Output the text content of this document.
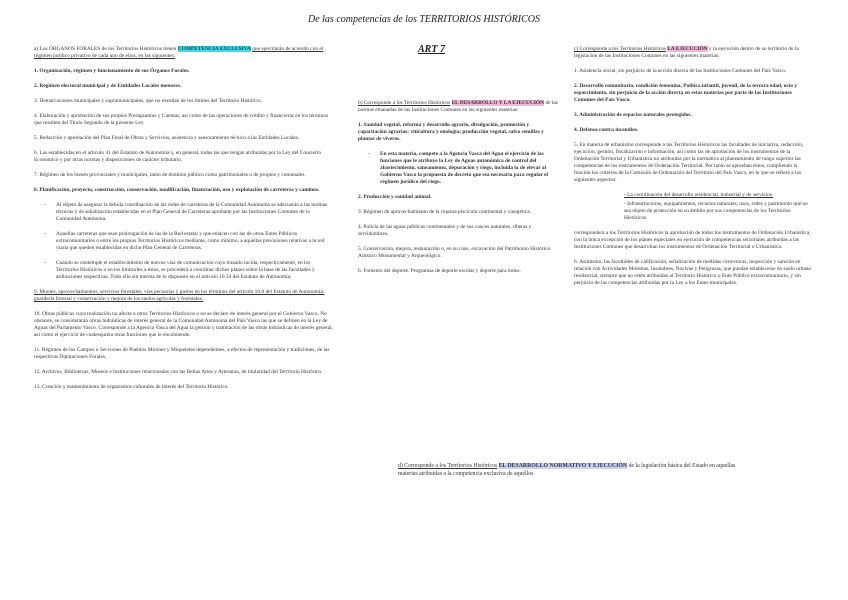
De las competencias de los TERRITORIOS HISTÓRICOS
ART 7

a) Los ÓRGANOS FORALES de los Territorios Históricos tienen COMPETENCIA EXCLUSIVA que ejercitarán de acuerdo con el régimen jurídico privativo de cada uno de ellos, en las siguientes:

1. Organización, régimen y funcionamiento de sus Órganos Forales.

2. Régimen electoral municipal y de Entidades Locales menores.

3. Demarcaciones municipales y supramunicipales, que no excedan de los límites del Territorio Histórico.

4. Elaboración y aprobación de sus propios Presupuestos y Cuentas, así como de las operaciones de crédito y financieras en los términos que resulten del Título Segundo de la presente Ley.

5. Redacción y aprobación del Plan Foral de Obras y Servicios, asistencia y asesoramiento técnico a las Entidades Locales.

6. Las establecidas en el artículo 41 del Estatuto de Autonomía y, en general, todas las que tengan atribuidas por la Ley del Concierto Económico y por otras normas y disposiciones de carácter tributario.

7. Régimen de los bienes provinciales y municipales, tanto de dominio público como patrimoniales o de propios y comunales.

8. Planificación, proyecto, construcción, conservación, modificación, financiación, uso y explotación de carreteras y caminos.

- Al objeto de asegurar la debida coordinación de las redes de carreteras de la Comunidad Autónoma se adecuarán a las normas técnicas y de señalización establecidas en el Plan General de Carreteras aprobado por las Instituciones Comunes de la Comunidad Autónoma.
- Aquellas carreteras que sean prolongación de las de la Red estatal y que enlacen con las de otros Entes Públicos extracomunitarios o entre los propios Territorios Históricos mediante, como mínimo, a aquellas previsiones relativas a la red viaria que queden establecidas en dicho Plan General de Carreteras.
- Cuando se contemple el establecimiento de nuevas vías de comunicación cuyo trazado incida, respectivamente, en los Territorios Históricos o en los limítrofes a éstos, se procederá a coordinar dichos planes sobre la base de las facultades y atribuciones respectivas. Todo ello sin merma de lo dispuesto en el artículo 10.34 del Estatuto de Autonomía.

9. Montes, aprovechamientos, servicios forestales, vías pecuarias y pastos en los términos del artículo 10.8 del Estatuto de Autonomía; guardería forestal y conservación y mejora de los suelos agrícolas y forestales.

10. Obras públicas cuya realización no afecte a otros Territorios Históricos o no se declare de interés general por el Gobierno Vasco. No obstante, se considerarán obras hidráulicas de interés general de la Comunidad Autónoma del País Vasco las que se definen en la Ley de Aguas del Parlamento Vasco. Corresponde a la Agencia Vasca del Agua la gestión y tramitación de las obras hidráulicas de interés general, así como el ejercicio de cualesquiera otras funciones que le encomiende.

11. Régimen de los Campos o Secciones de Pueblos Mirones y Miqueletes dependientes, a efectos de representación y tradiciones, de las respectivas Diputaciones Forales.

12. Archivos, Bibliotecas, Museos e Instituciones relacionadas con las Bellas Artes y Artesanía, de titularidad del Territorio Histórico.

13. Creación y mantenimiento de organismos culturales de interés del Territorio Histórico.

b) Corresponde a los Territorios Históricos EL DESARROLLO Y LA EJECUCIÓN de las normas emanadas de las Instituciones Comunes en las siguientes materias:

1. Sanidad vegetal, reforma y desarrollo agrario, divulgación, promoción y capacitación agrarias; viticultura y enología; producción vegetal, salvo semillas y plantas de viveros.

- En esta materia, compete a la Agencia Vasca del Agua el ejercicio de las funciones que le atribuye la Ley de Aguas autonómica de control del abastecimiento, saneamiento, depuración y riego, incluida la de elevar al Gobierno Vasco la propuesta de decreto que sea necesaria para regular el régimen jurídico del riego.

2. Producción y sanidad animal.

3. Régimen de aprovechamiento de la riqueza piscícola continental y cinegética.

4. Policía de las aguas públicas continentales y de sus cauces naturales, riberas y servidumbres.

5. Conservación, mejora, restauración o, en su caso, excavación del Patrimonio Histórico Artístico Monumental y Arqueológico.

6. Fomento del deporte. Programas de deporte escolar y deporte para todos.

d) Corresponde a los Territorios Históricos EL DESARROLLO NORMATIVO Y EJECUCIÓN de la legislación básica del Estado en aquellas materias atribuidas a la competencia exclusiva de aquéllos

c) Corresponde a los Territorios Históricos LA EJECUCIÓN y la ejecución dentro de su territorio de la legislación de las Instituciones Comunes en las siguientes materias:

1. Asistencia social, sin perjuicio de la acción directa de las Instituciones Comunes del País Vasco.

2. Desarrollo comunitario, condición femenina, Política infantil, juvenil, de la tercera edad, ocio y esparcimiento, sin perjuicio de la acción directa en estas materias por parte de las Instituciones Comunes del País Vasco.

3. Administración de espacios naturales protegidos.

4. Defensa contra incendios.

5. En materia de urbanismo corresponde a los Territorios Históricos las facultades de iniciativa, redacción, ejecución, gestión, fiscalización e información, así como las de aprobación de los instrumentos de la Ordenación Territorial y Urbanística no atribuidas por la normativa al planeamiento de rango superior las competencias de los instrumentos de Ordenación Territorial. Por tanto se aprueban éstos, cumpliendo la función los criterios de la Comisión de Ordenación del Territorio del País Vasco, en lo que se refiere a los siguientes aspectos:

- La coordinación del desarrollo residencial, industrial y de servicios.

- Infraestructuras, equipamientos, recursos naturales, usos, redes y patrimonio que no sea objeto de protección en su ámbito por sus competencias de los Territorios Históricos.

corresponderá a los Territorios Históricos la aprobación de todos los instrumentos de Ordenación Urbanística, con la única excepción de los planes especiales en ejecución de competencias sectoriales atribuidas a las Instituciones Comunes que desarrollan los instrumentos de Ordenación Territorial o Urbanística.

6. Asimismo, las facultades de calificación, señalización de medidas correctoras, inspección y sanción en relación con Actividades Molestas, Insalubres, Nocivas y Peligrosas, que puedan establecerse en suelo urbano residencial, siempre que no estén atribuidas al Territorio Histórico o Ente Público extracomunitario, y sin perjuicio de las competencias atribuidas por la Ley a los Entes municipales.
